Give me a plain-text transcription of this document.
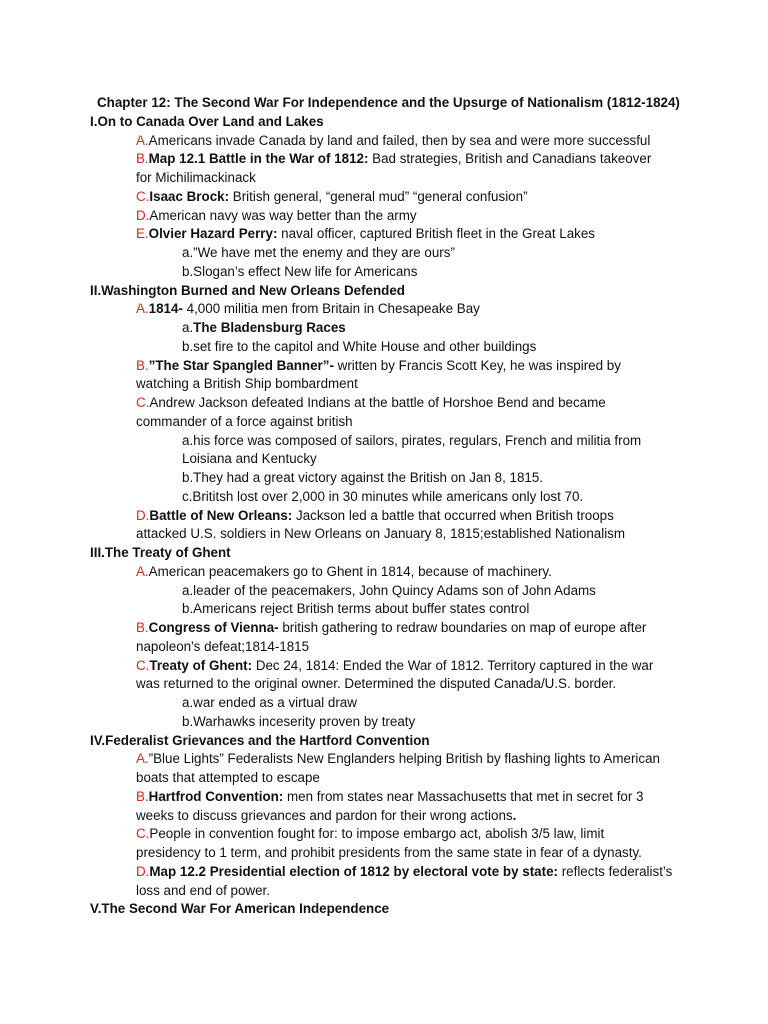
Chapter 12: The Second War For Independence and the Upsurge of Nationalism (1812-1824)
I.On to Canada Over Land and Lakes
A.Americans invade Canada by land and failed, then by sea and were more successful
B.Map 12.1 Battle in the War of 1812: Bad strategies, British and Canadians takeover
for Michilimackinack
C.Isaac Brock: British general, “general mud” “general confusion”
D.American navy was way better than the army
E.Olvier Hazard Perry: naval officer, captured British fleet in the Great Lakes
a.”We have met the enemy and they are ours”
b.Slogan’s effect New life for Americans
II.Washington Burned and New Orleans Defended
A.1814- 4,000 militia men from Britain in Chesapeake Bay
a.The Bladensburg Races
b.set fire to the capitol and White House and other buildings
B.”The Star Spangled Banner”- written by Francis Scott Key, he was inspired by
watching a British Ship bombardment
C.Andrew Jackson defeated Indians at the battle of Horshoe Bend and became
commander of a force against british
a.his force was composed of sailors, pirates, regulars, French and militia from
Loisiana and Kentucky
b.They had a great victory against the British on Jan 8, 1815.
c.Brititsh lost over 2,000 in 30 minutes while americans only lost 70.
D.Battle of New Orleans: Jackson led a battle that occurred when British troops
attacked U.S. soldiers in New Orleans on January 8, 1815;established Nationalism
III.The Treaty of Ghent
A.American peacemakers go to Ghent in 1814, because of machinery.
a.leader of the peacemakers, John Quincy Adams son of John Adams
b.Americans reject British terms about buffer states control
B.Congress of Vienna- british gathering to redraw boundaries on map of europe after
napoleon's defeat;1814-1815
C.Treaty of Ghent: Dec 24, 1814: Ended the War of 1812. Territory captured in the war
was returned to the original owner. Determined the disputed Canada/U.S. border.
a.war ended as a virtual draw
b.Warhawks inceserity proven by treaty
IV.Federalist Grievances and the Hartford Convention
A.”Blue Lights” Federalists New Englanders helping British by flashing lights to American
boats that attempted to escape
B.Hartfrod Convention: men from states near Massachusetts that met in secret for 3
weeks to discuss grievances and pardon for their wrong actions.
C.People in convention fought for: to impose embargo act, abolish 3/5 law, limit
presidency to 1 term, and prohibit presidents from the same state in fear of a dynasty.
D.Map 12.2 Presidential election of 1812 by electoral vote by state: reflects federalist’s
loss and end of power.
V.The Second War For American Independence
